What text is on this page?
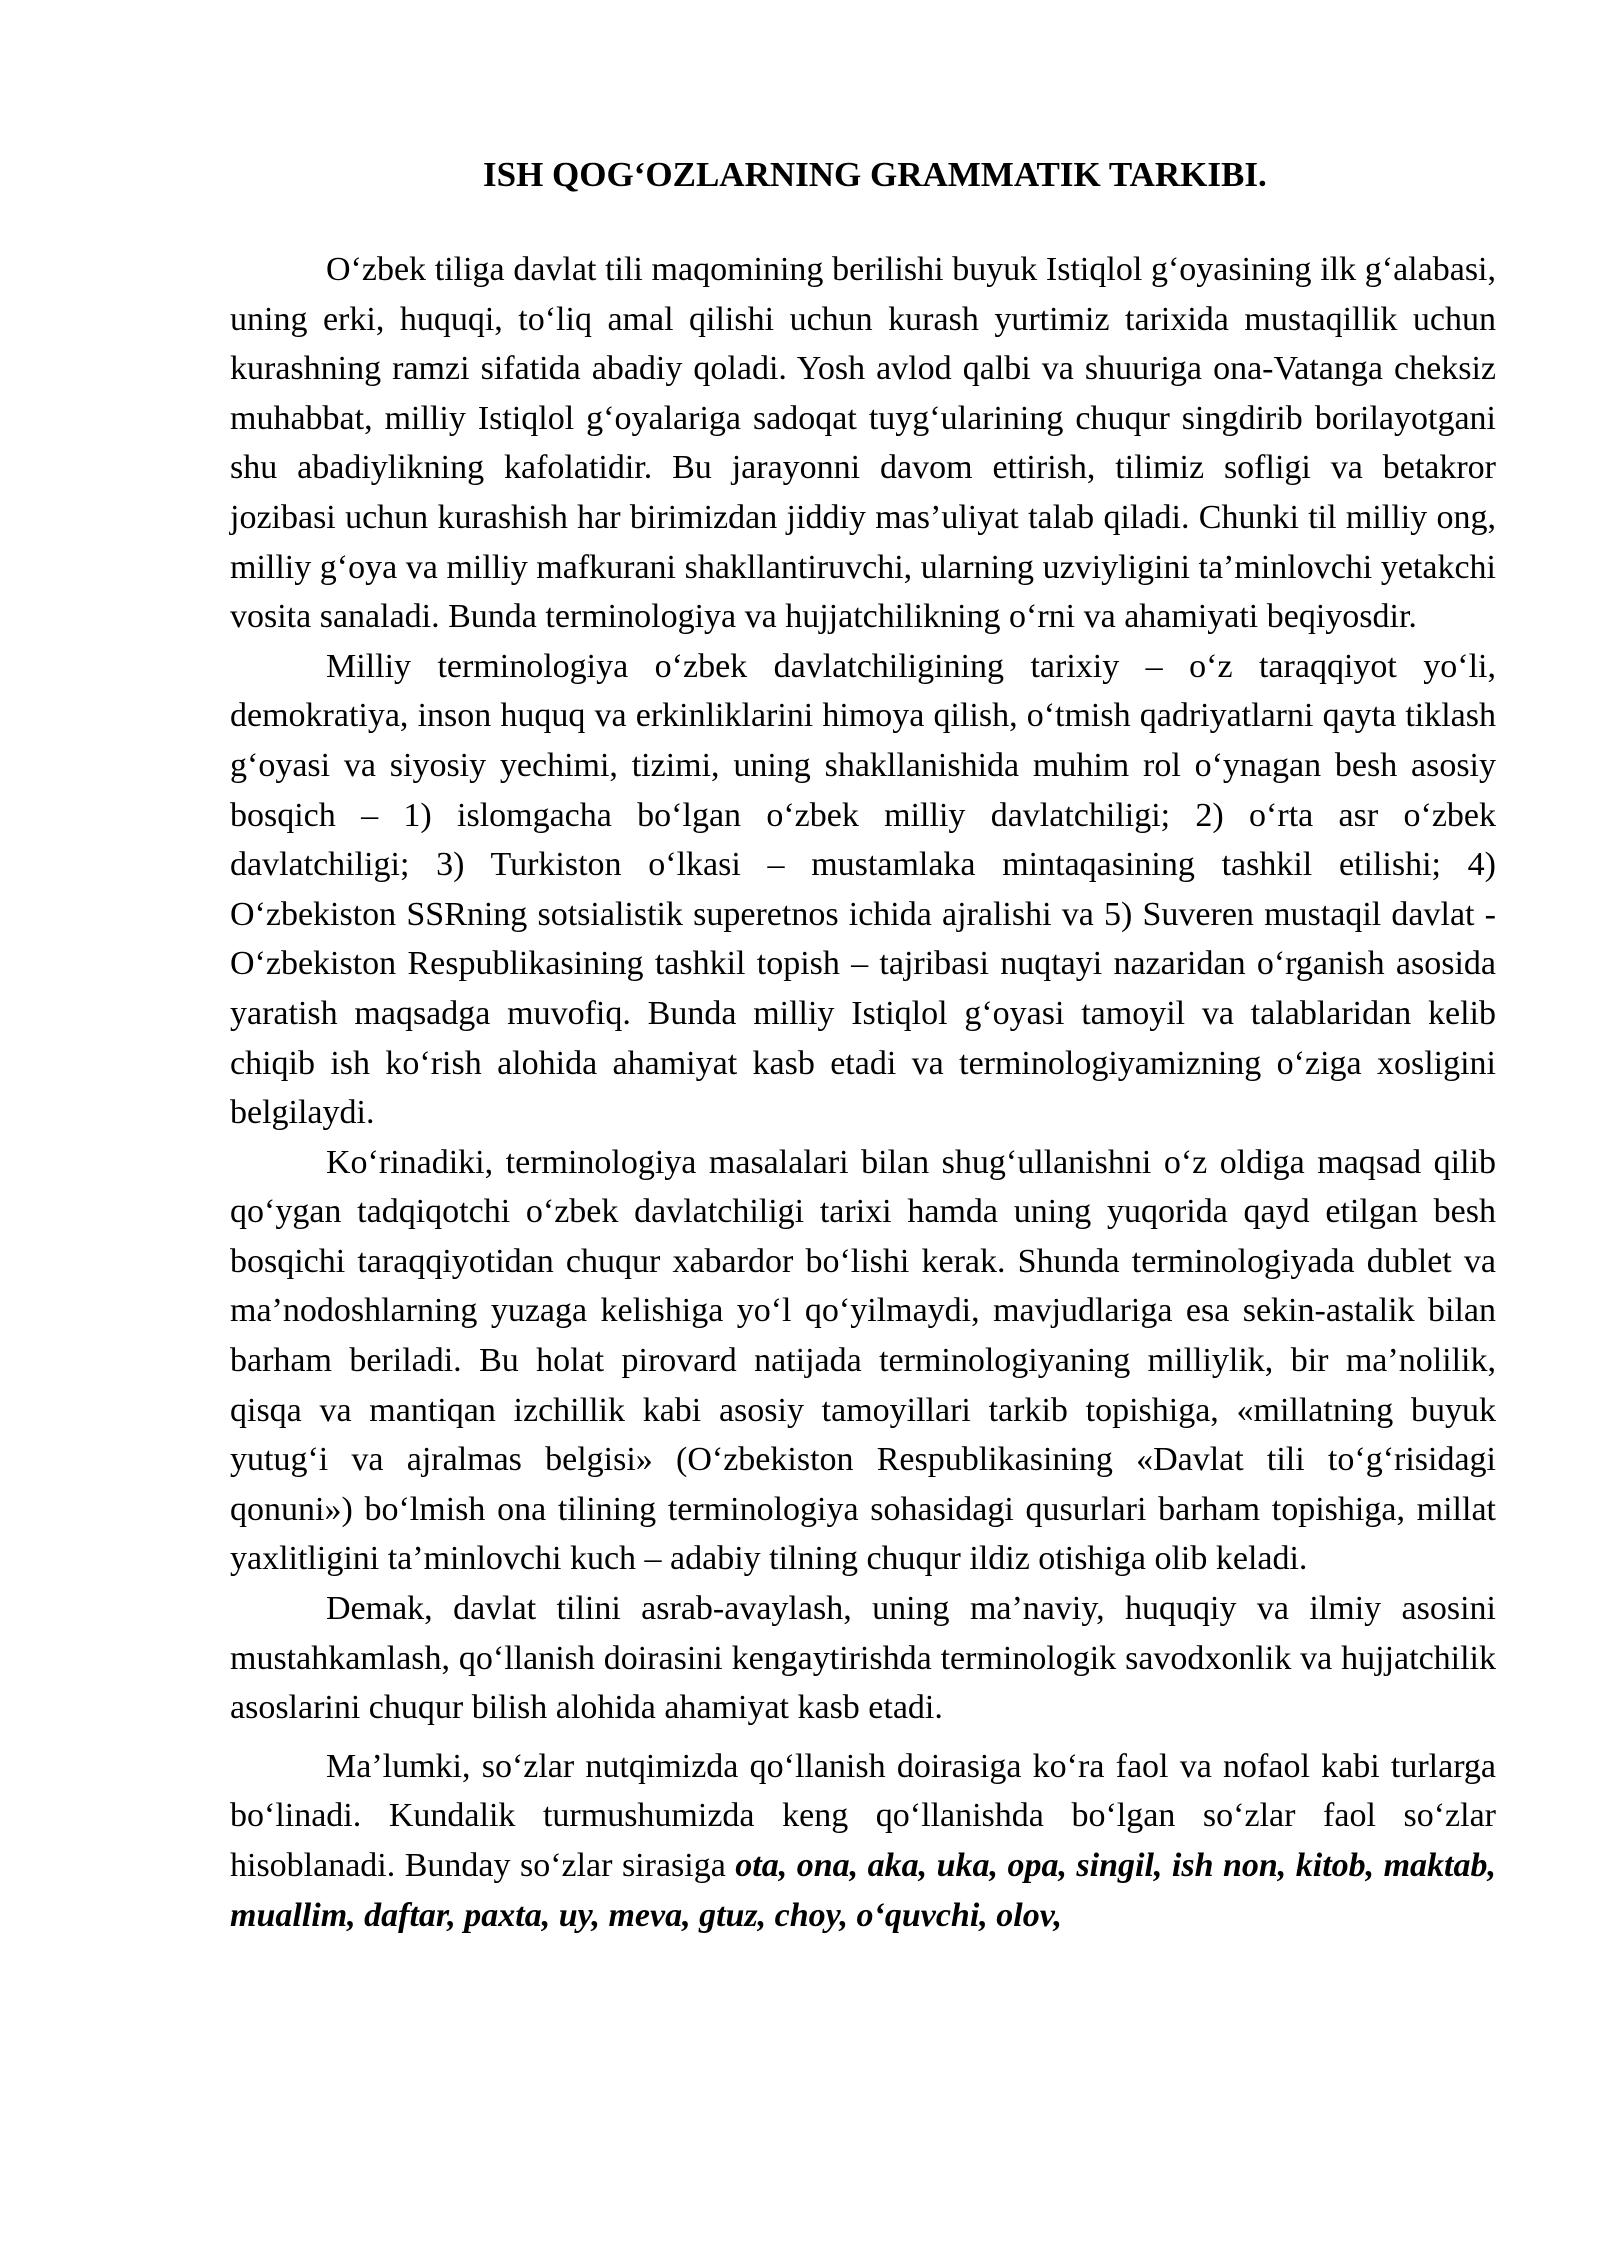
ISH QOG‘OZLARNING GRAMMATIK TARKIBI.

O‘zbek tiliga davlat tili maqomining berilishi buyuk Istiqlol g‘oyasining ilk g‘alabasi, uning erki, huquqi, to‘liq amal qilishi uchun kurash yurtimiz tarixida mustaqillik uchun kurashning ramzi sifatida abadiy qoladi. Yosh avlod qalbi va shuuriga ona-Vatanga cheksiz muhabbat, milliy Istiqlol g‘oyalariga sadoqat tuyg‘ularining chuqur singdirib borilayotgani shu abadiylikning kafolatidir. Bu jarayonni davom ettirish, tilimiz sofligi va betakror jozibasi uchun kurashish har birimizdan jiddiy mas’uliyat talab qiladi. Chunki til milliy ong, milliy g‘oya va milliy mafkurani shakllantiruvchi, ularning uzviyligini ta’minlovchi yetakchi vosita sanaladi. Bunda terminologiya va hujjatchilikning o‘rni va ahamiyati beqiyosdir.

Milliy terminologiya o‘zbek davlatchiligining tarixiy – o‘z taraqqiyot yo‘li, demokratiya, inson huquq va erkinliklarini himoya qilish, o‘tmish qadriyatlarni qayta tiklash g‘oyasi va siyosiy yechimi, tizimi, uning shakllanishida muhim rol o‘ynagan besh asosiy bosqich – 1) islomgacha bo‘lgan o‘zbek milliy davlatchiligi; 2) o‘rta asr o‘zbek davlatchiligi; 3) Turkiston o‘lkasi – mustamlaka mintaqasining tashkil etilishi; 4) O‘zbekiston SSRning sotsialistik superetnos ichida ajralishi va 5) Suveren mustaqil davlat - O‘zbekiston Respublikasining tashkil topish – tajribasi nuqtayi nazaridan o‘rganish asosida yaratish maqsadga muvofiq. Bunda milliy Istiqlol g‘oyasi tamoyil va talablaridan kelib chiqib ish ko‘rish alohida ahamiyat kasb etadi va terminologiyamizning o‘ziga xosligini belgilaydi.

Ko‘rinadiki, terminologiya masalalari bilan shug‘ullanishni o‘z oldiga maqsad qilib qo‘ygan tadqiqotchi o‘zbek davlatchiligi tarixi hamda uning yuqorida qayd etilgan besh bosqichi taraqqiyotidan chuqur xabardor bo‘lishi kerak. Shunda terminologiyada dublet va ma’nodoshlarning yuzaga kelishiga yo‘l qo‘yilmaydi, mavjudlariga esa sekin-astalik bilan barham beriladi. Bu holat pirovard natijada terminologiyaning milliylik, bir ma’nolilik, qisqa va mantiqan izchillik kabi asosiy tamoyillari tarkib topishiga, «millatning buyuk yutug‘i va ajralmas belgisi» (O‘zbekiston Respublikasining «Davlat tili to‘g‘risidagi qonuni») bo‘lmish ona tilining terminologiya sohasidagi qusurlari barham topishiga, millat yaxlitligini ta’minlovchi kuch – adabiy tilning chuqur ildiz otishiga olib keladi.

Demak, davlat tilini asrab-avaylash, uning ma’naviy, huquqiy va ilmiy asosini mustahkamlash, qo‘llanish doirasini kengaytirishda terminologik savodxonlik va hujjatchilik asoslarini chuqur bilish alohida ahamiyat kasb etadi.

Ma’lumki, so‘zlar nutqimizda qo‘llanish doirasiga ko‘ra faol va nofaol kabi turlarga bo‘linadi. Kundalik turmushumizda keng qo‘llanishda bo‘lgan so‘zlar faol so‘zlar hisoblanadi. Bunday so‘zlar sirasiga ota, ona, aka, uka, opa, singil, ish non, kitob, maktab, muallim, daftar, paxta, uy, meva, gtuz, choy, o‘quvchi, olov,
